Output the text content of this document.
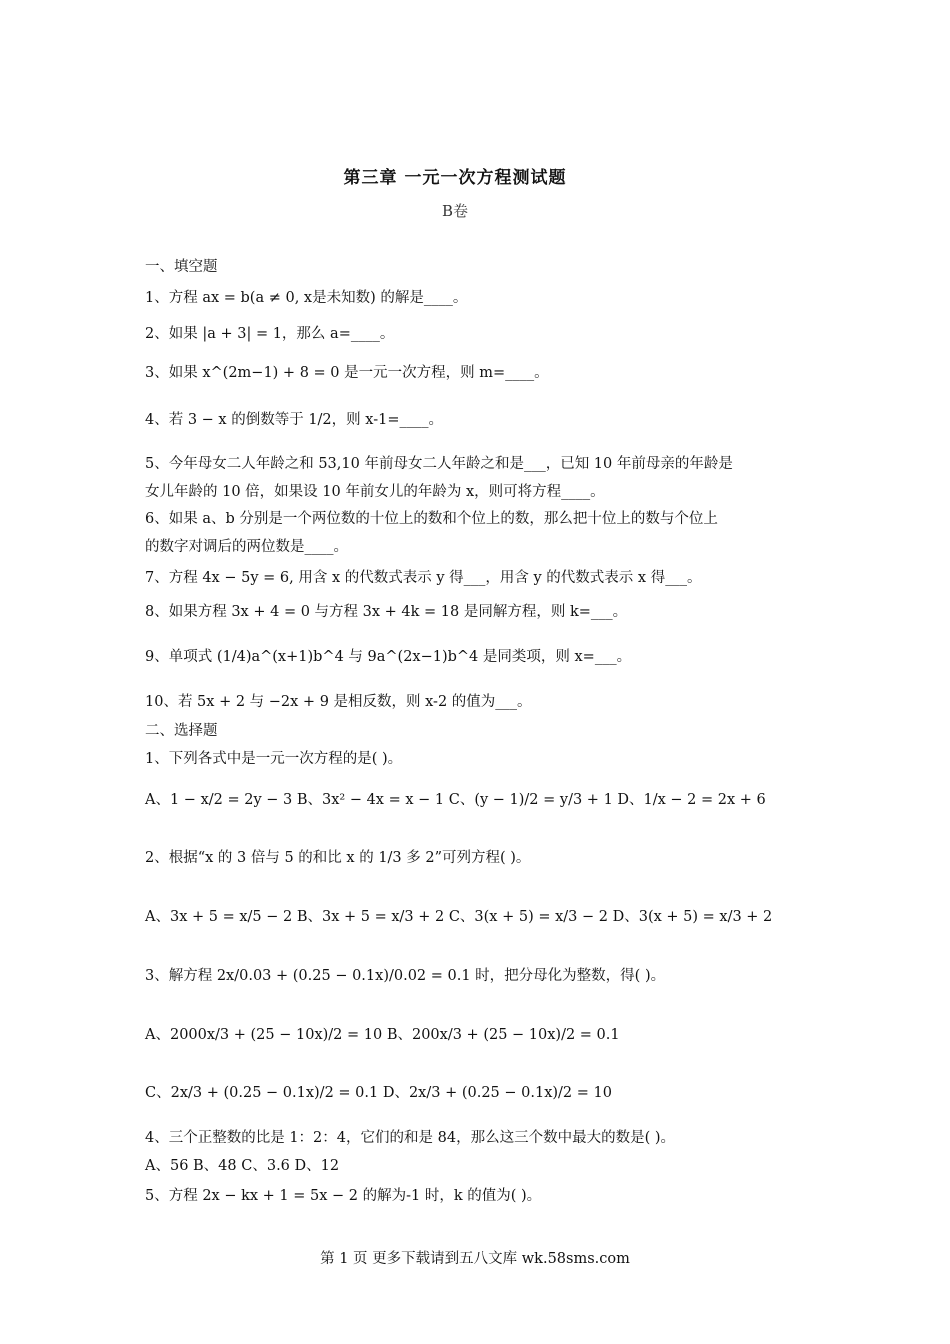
第三章 一元一次方程测试题
B卷
一、填空题
1、方程 ax = b(a ≠ 0, x是未知数) 的解是____。
2、如果 |a + 3| = 1，那么 a=____。
3、如果 x^(2m−1) + 8 = 0 是一元一次方程，则 m=____。
4、若 3 − x 的倒数等于 1/2，则 x-1=____。
5、今年母女二人年龄之和 53,10 年前母女二人年龄之和是___，已知 10 年前母亲的年龄是
女儿年龄的 10 倍，如果设 10 年前女儿的年龄为 x，则可将方程____。
6、如果 a、b 分别是一个两位数的十位上的数和个位上的数，那么把十位上的数与个位上
的数字对调后的两位数是____。
7、方程 4x − 5y = 6, 用含 x 的代数式表示 y 得___，用含 y 的代数式表示 x 得___。
8、如果方程 3x + 4 = 0 与方程 3x + 4k = 18 是同解方程，则 k=___。
9、单项式 (1/4)a^(x+1)b^4 与 9a^(2x−1)b^4 是同类项，则 x=___。
10、若 5x + 2 与 −2x + 9 是相反数，则 x-2 的值为___。
二、选择题
1、下列各式中是一元一次方程的是( )。
A、1 − x/2 = 2y − 3 B、3x² − 4x = x − 1 C、(y − 1)/2 = y/3 + 1 D、1/x − 2 = 2x + 6
2、根据“x 的 3 倍与 5 的和比 x 的 1/3 多 2”可列方程( )。
A、3x + 5 = x/5 − 2 B、3x + 5 = x/3 + 2 C、3(x + 5) = x/3 − 2 D、3(x + 5) = x/3 + 2
3、解方程 2x/0.03 + (0.25 − 0.1x)/0.02 = 0.1 时，把分母化为整数，得( )。
A、2000x/3 + (25 − 10x)/2 = 10 B、200x/3 + (25 − 10x)/2 = 0.1
C、2x/3 + (0.25 − 0.1x)/2 = 0.1 D、2x/3 + (0.25 − 0.1x)/2 = 10
4、三个正整数的比是 1：2：4，它们的和是 84，那么这三个数中最大的数是( )。
A、56 B、48 C、3.6 D、12
5、方程 2x − kx + 1 = 5x − 2 的解为-1 时，k 的值为( )。
第 1 页 更多下载请到五八文库 wk.58sms.com
